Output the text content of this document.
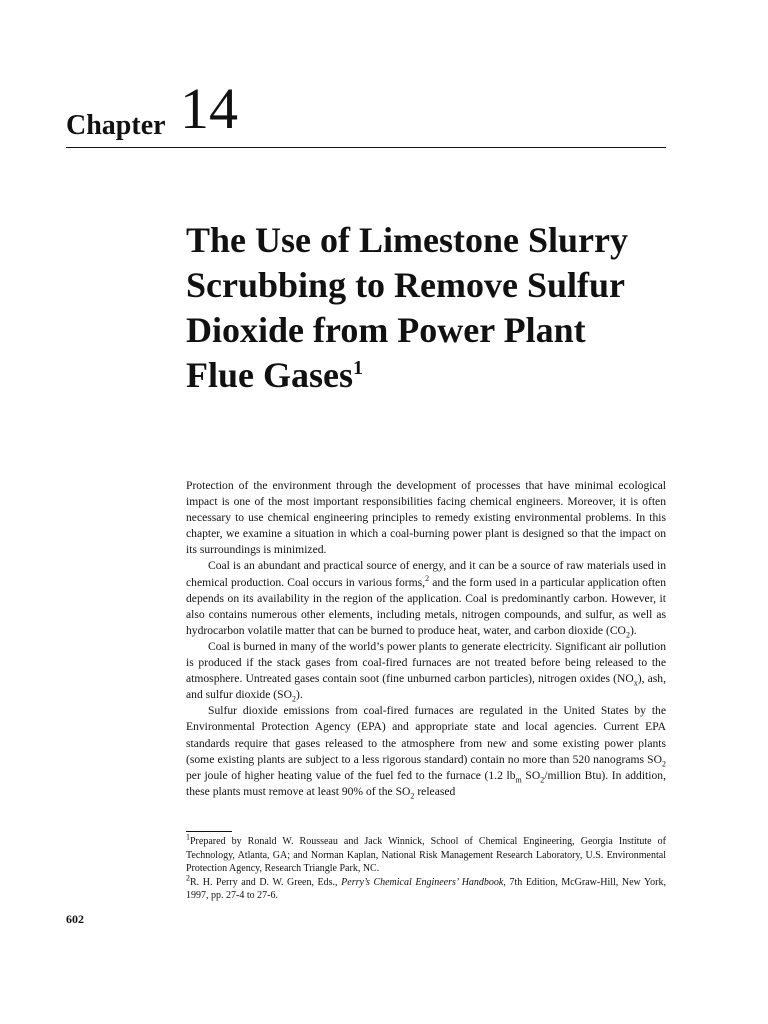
Chapter 14
The Use of Limestone Slurry
Scrubbing to Remove Sulfur
Dioxide from Power Plant
Flue Gases$^1$

Protection of the environment through the development of processes that have minimal ecological impact is one of the most important responsibilities facing chemical engineers. Moreover, it is often necessary to use chemical engineering principles to remedy existing environmental problems. In this chapter, we examine a situation in which a coal-burning power plant is designed so that the impact on its surroundings is minimized.

Coal is an abundant and practical source of energy, and it can be a source of raw materials used in chemical production. Coal occurs in various forms,$^2$ and the form used in a particular application often depends on its availability in the region of the application. Coal is predominantly carbon. However, it also contains numerous other elements, including metals, nitrogen compounds, and sulfur, as well as hydrocarbon volatile matter that can be burned to produce heat, water, and carbon dioxide $(CO_2)$.

Coal is burned in many of the world’s power plants to generate electricity. Significant air pollution is produced if the stack gases from coal-fired furnaces are not treated before being released to the atmosphere. Untreated gases contain soot (fine unburned carbon particles), nitrogen oxides $(NO_x)$, ash, and sulfur dioxide $(SO_2)$.

Sulfur dioxide emissions from coal-fired furnaces are regulated in the United States by the Environmental Protection Agency (EPA) and appropriate state and local agencies. Current EPA standards require that gases released to the atmosphere from new and some existing power plants (some existing plants are subject to a less rigorous standard) contain no more than 520 nanograms $SO_2$ per joule of higher heating value of the fuel fed to the furnace (1.2 $lb_m$ $SO_2$/million Btu). In addition, these plants must remove at least 90% of the $SO_2$ released

$^1$Prepared by Ronald W. Rousseau and Jack Winnick, School of Chemical Engineering, Georgia Institute of Technology, Atlanta, GA; and Norman Kaplan, National Risk Management Research Laboratory, U.S. Environmental Protection Agency, Research Triangle Park, NC.

$^2$R. H. Perry and D. W. Green, Eds., Perry’s Chemical Engineers’ Handbook, 7th Edition, McGraw-Hill, New York, 1997, pp. 27-4 to 27-6.

602
